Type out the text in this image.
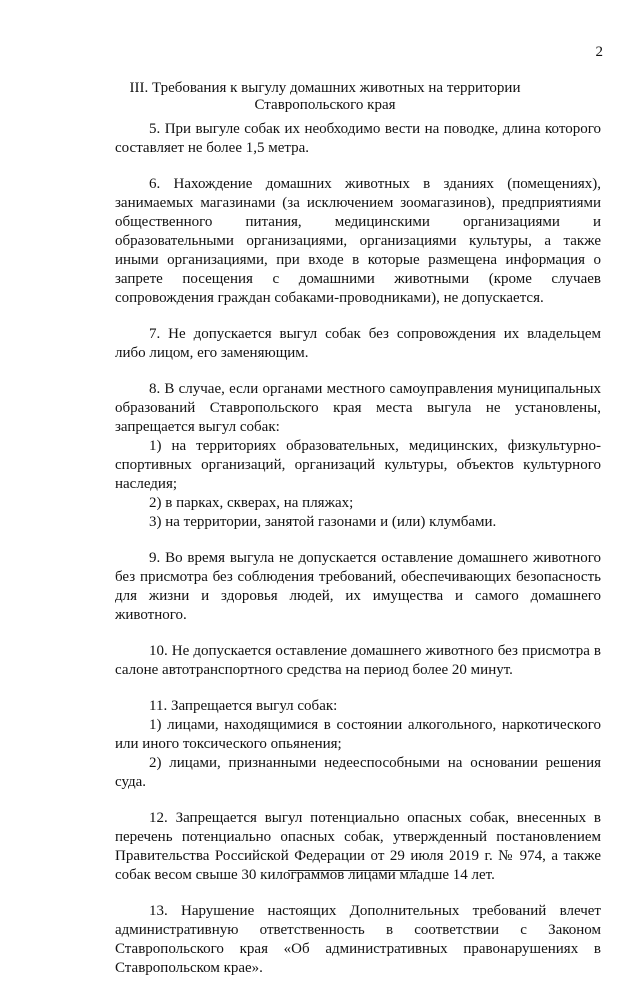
2

III. Требования к выгулу домашних животных на территории Ставропольского края

5. При выгуле собак их необходимо вести на поводке, длина которого составляет не более 1,5 метра.

6. Нахождение домашних животных в зданиях (помещениях), занимаемых магазинами (за исключением зоомагазинов), предприятиями общественного питания, медицинскими организациями и образовательными организациями, организациями культуры, а также иными организациями, при входе в которые размещена информация о запрете посещения с домашними животными (кроме случаев сопровождения граждан собаками-проводниками), не допускается.

7. Не допускается выгул собак без сопровождения их владельцем либо лицом, его заменяющим.

8. В случае, если органами местного самоуправления муниципальных образований Ставропольского края места выгула не установлены, запрещается выгул собак:

1) на территориях образовательных, медицинских, физкультурно-спортивных организаций, организаций культуры, объектов культурного наследия;

2) в парках, скверах, на пляжах;

3) на территории, занятой газонами и (или) клумбами.

9. Во время выгула не допускается оставление домашнего животного без присмотра без соблюдения требований, обеспечивающих безопасность для жизни и здоровья людей, их имущества и самого домашнего животного.

10. Не допускается оставление домашнего животного без присмотра в салоне автотранспортного средства на период более 20 минут.

11. Запрещается выгул собак:

1) лицами, находящимися в состоянии алкогольного, наркотического или иного токсического опьянения;

2) лицами, признанными недееспособными на основании решения суда.

12. Запрещается выгул потенциально опасных собак, внесенных в перечень потенциально опасных собак, утвержденный постановлением Правительства Российской Федерации от 29 июля 2019 г. № 974, а также собак весом свыше 30 килограммов лицами младше 14 лет.

13. Нарушение настоящих Дополнительных требований влечет административную ответственность в соответствии с Законом Ставропольского края «Об административных правонарушениях в Ставропольском крае».
